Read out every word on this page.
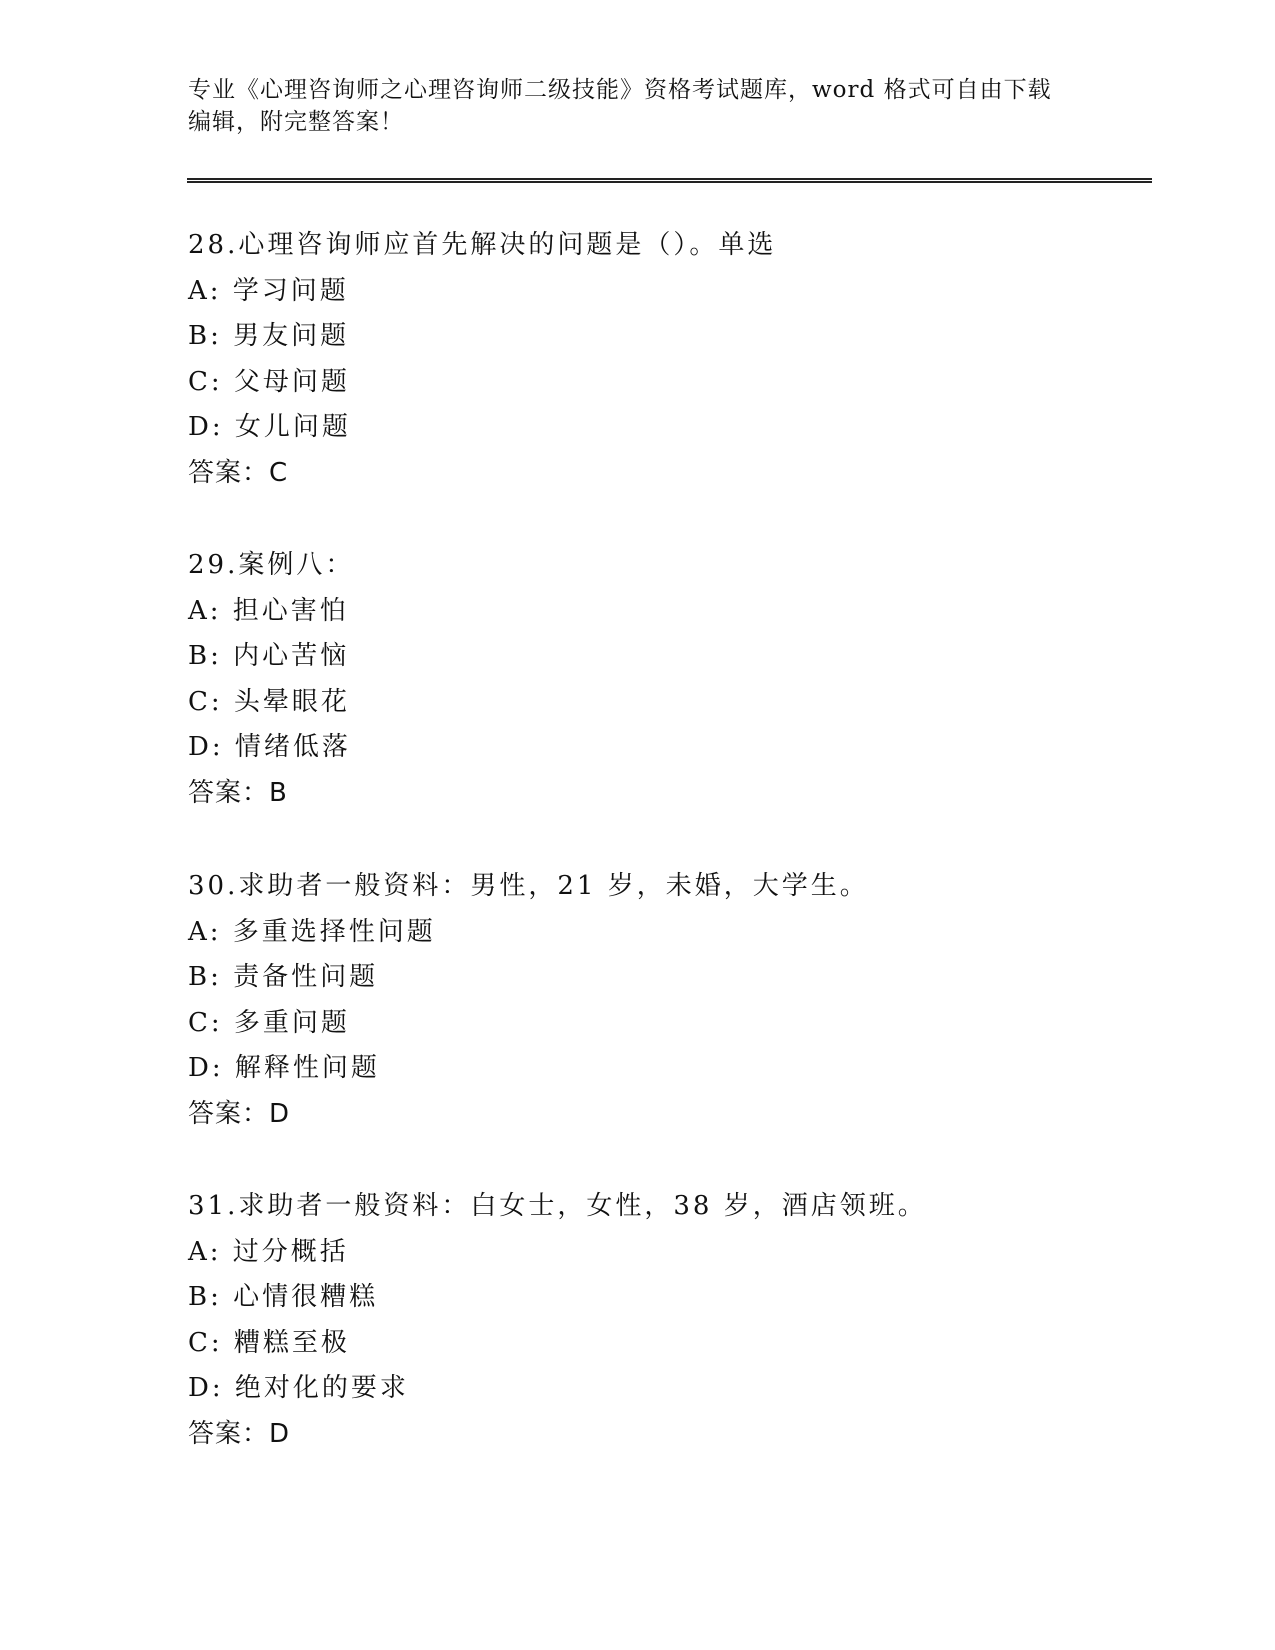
专业《心理咨询师之心理咨询师二级技能》资格考试题库，word 格式可自由下载
编辑，附完整答案！
28.心理咨询师应首先解决的问题是（）。单选
A: 学习问题
B: 男友问题
C: 父母问题
D: 女儿问题
答案：C
29.案例八：
A: 担心害怕
B: 内心苦恼
C: 头晕眼花
D: 情绪低落
答案：B
30.求助者一般资料：男性，21 岁，未婚，大学生。
A: 多重选择性问题
B: 责备性问题
C: 多重问题
D: 解释性问题
答案：D
31.求助者一般资料：白女士，女性，38 岁，酒店领班。
A: 过分概括
B: 心情很糟糕
C: 糟糕至极
D: 绝对化的要求
答案：D
